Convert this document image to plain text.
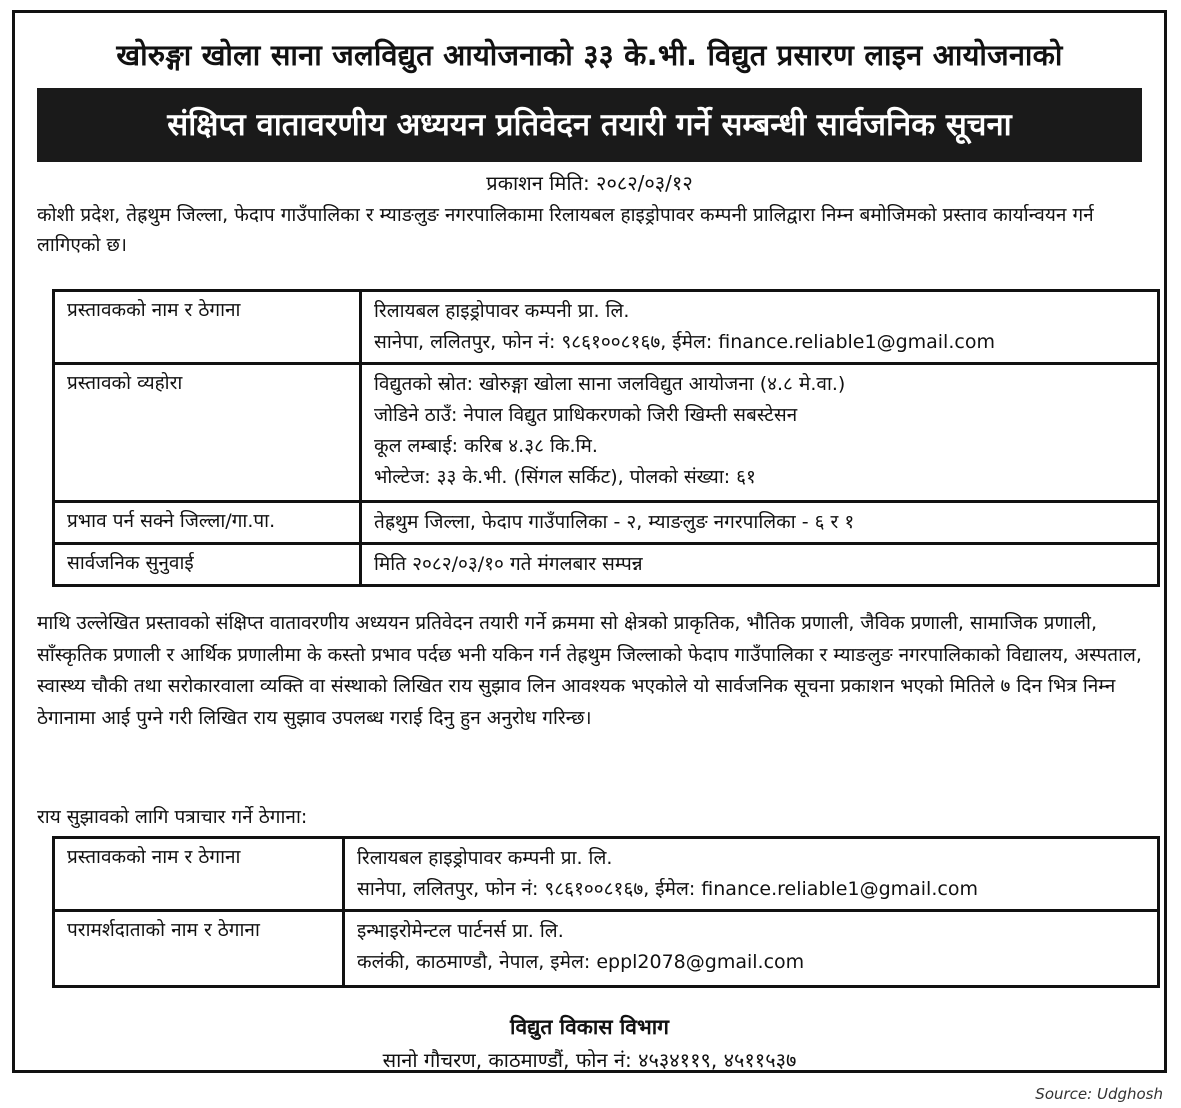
खोरुङ्गा खोला साना जलविद्युत आयोजनाको ३३ के.भी. विद्युत प्रसारण लाइन आयोजनाको
संक्षिप्त वातावरणीय अध्ययन प्रतिवेदन तयारी गर्ने सम्बन्धी सार्वजनिक सूचना
प्रकाशन मिति: २०८२/०३/१२
कोशी प्रदेश, तेह्रथुम जिल्ला, फेदाप गाउँपालिका र म्याङलुङ नगरपालिकामा रिलायबल हाइड्रोपावर कम्पनी प्रालिद्वारा निम्न बमोजिमको प्रस्ताव कार्यान्वयन गर्न लागिएको छ।
प्रस्तावकको नाम र ठेगाना	रिलायबल हाइड्रोपावर कम्पनी प्रा. लि.
सानेपा, ललितपुर, फोन नं: ९८६१००८१६७, ईमेल: finance.reliable1@gmail.com

प्रस्तावको व्यहोरा	विद्युतको स्रोत: खोरुङ्गा खोला साना जलविद्युत आयोजना (४.८ मे.वा.)
जोडिने ठाउँ: नेपाल विद्युत प्राधिकरणको जिरी खिम्ती सबस्टेसन
कूल लम्बाई: करिब ४.३८ कि.मि.
भोल्टेज: ३३ के.भी. (सिंगल सर्किट), पोलको संख्या: ६१

प्रभाव पर्न सक्ने जिल्ला/गा.पा.	तेह्रथुम जिल्ला, फेदाप गाउँपालिका - २, म्याङलुङ नगरपालिका - ६ र १

सार्वजनिक सुनुवाई	मिति २०८२/०३/१० गते मंगलबार सम्पन्न
माथि उल्लेखित प्रस्तावको संक्षिप्त वातावरणीय अध्ययन प्रतिवेदन तयारी गर्ने क्रममा सो क्षेत्रको प्राकृतिक, भौतिक प्रणाली, जैविक प्रणाली, सामाजिक प्रणाली, साँस्कृतिक प्रणाली र आर्थिक प्रणालीमा के कस्तो प्रभाव पर्दछ भनी यकिन गर्न तेह्रथुम जिल्लाको फेदाप गाउँपालिका र म्याङलुङ नगरपालिकाको विद्यालय, अस्पताल, स्वास्थ्य चौकी तथा सरोकारवाला व्यक्ति वा संस्थाको लिखित राय सुझाव लिन आवश्यक भएकोले यो सार्वजनिक सूचना प्रकाशन भएको मितिले ७ दिन भित्र निम्न ठेगानामा आई पुग्ने गरी लिखित राय सुझाव उपलब्ध गराई दिनु हुन अनुरोध गरिन्छ।
राय सुझावको लागि पत्राचार गर्ने ठेगाना:
प्रस्तावकको नाम र ठेगाना	रिलायबल हाइड्रोपावर कम्पनी प्रा. लि.
सानेपा, ललितपुर, फोन नं: ९८६१००८१६७, ईमेल: finance.reliable1@gmail.com

परामर्शदाताको नाम र ठेगाना	इन्भाइरोमेन्टल पार्टनर्स प्रा. लि.
कलंकी, काठमाण्डौ, नेपाल, इमेल: eppl2078@gmail.com
विद्युत विकास विभाग
सानो गौचरण, काठमाण्डौं, फोन नं: ४५३४११९, ४५११५३७
Source: Udghosh
